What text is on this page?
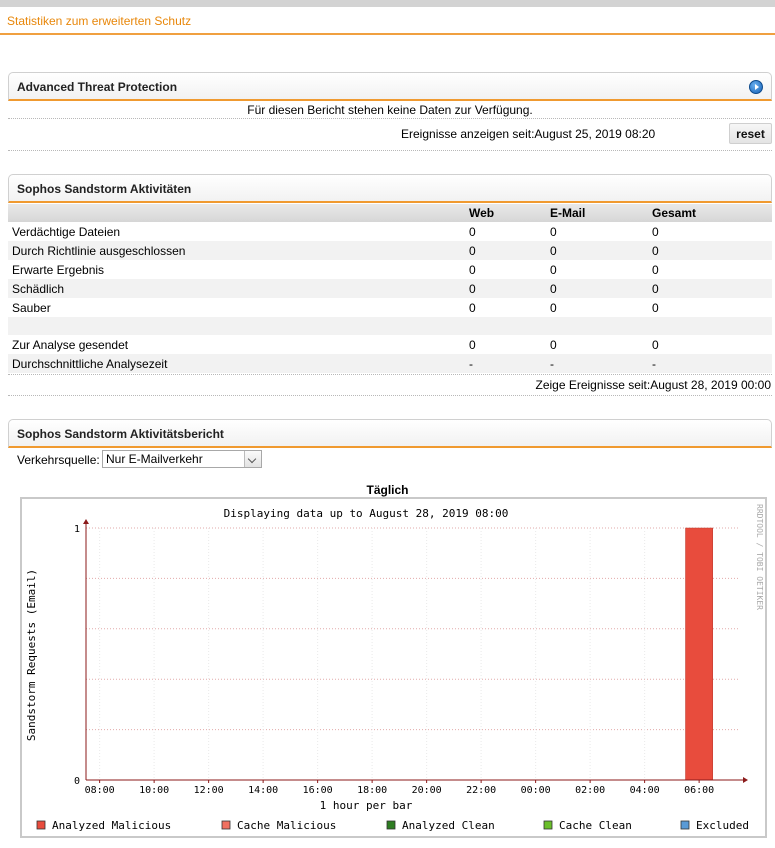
Statistiken zum erweiterten Schutz
Advanced Threat Protection
Für diesen Bericht stehen keine Daten zur Verfügung.
Ereignisse anzeigen seit:August 25, 2019 08:20	reset
Sophos Sandstorm Aktivitäten
	Web	E-Mail	Gesamt
Verdächtige Dateien	0	0	0
Durch Richtlinie ausgeschlossen	0	0	0
Erwarte Ergebnis	0	0	0
Schädlich	0	0	0
Sauber	0	0	0

Zur Analyse gesendet	0	0	0
Durchschnittliche Analysezeit	-	-	-
Zeige Ereignisse seit:August 28, 2019 00:00
Sophos Sandstorm Aktivitätsbericht
Verkehrsquelle: Nur E-Mailverkehr
Täglich
Displaying data up to August 28, 2019 08:00
1 hour per bar
Sandstorm Requests (Email)
RRDTOOL / TOBI OETIKER
08:00 10:00 12:00 14:00 16:00 18:00 20:00 22:00 00:00 02:00 04:00 06:00
0
1
Analyzed Malicious	Cache Malicious	Analyzed Clean	Cache Clean	Excluded
